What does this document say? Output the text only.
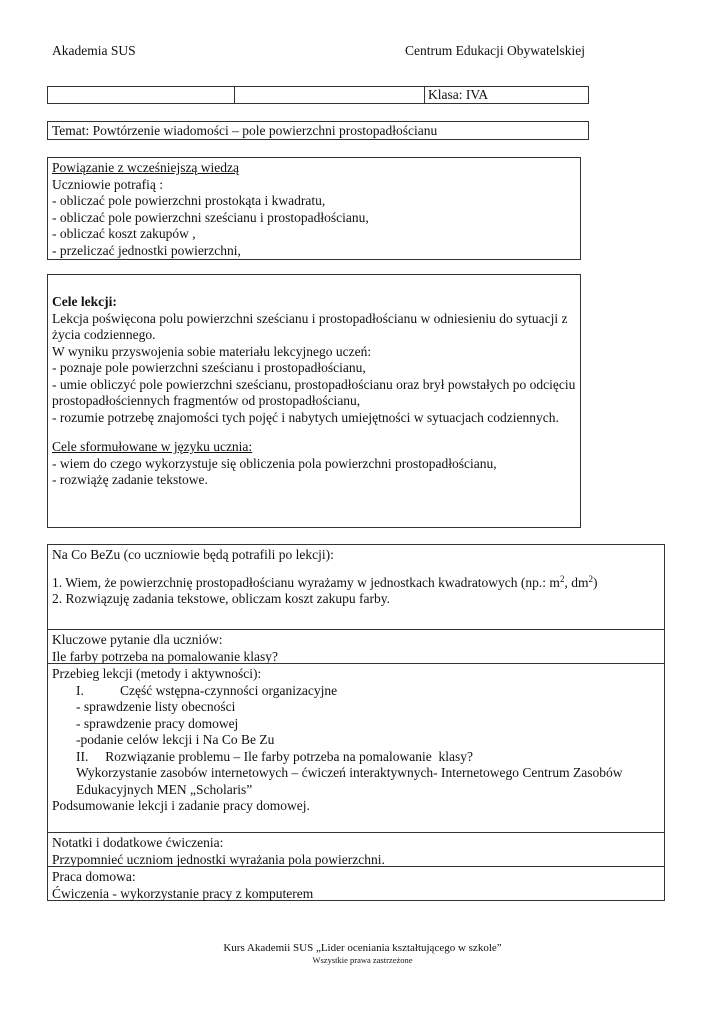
Akademia SUS	Centrum Edukacji Obywatelskiej
Klasa: IVA
Temat: Powtórzenie wiadomości – pole powierzchni prostopadłościanu
Powiązanie z wcześniejszą wiedzą
Uczniowie potrafią :
- obliczać pole powierzchni prostokąta i kwadratu,
- obliczać pole powierzchni sześcianu i prostopadłościanu,
- obliczać koszt zakupów ,
- przeliczać jednostki powierzchni,
Cele lekcji:
Lekcja poświęcona polu powierzchni sześcianu i prostopadłościanu w odniesieniu do sytuacji z życia codziennego.
W wyniku przyswojenia sobie materiału lekcyjnego uczeń:
- poznaje pole powierzchni sześcianu i prostopadłościanu,
- umie obliczyć pole powierzchni sześcianu, prostopadłościanu oraz brył powstałych po odcięciu prostopadłościennych fragmentów od prostopadłościanu,
- rozumie potrzebę znajomości tych pojęć i nabytych umiejętności w sytuacjach codziennych.
Cele sformułowane w języku ucznia:
- wiem do czego wykorzystuje się obliczenia pola powierzchni prostopadłościanu,
- rozwiążę zadanie tekstowe.
Na Co BeZu (co uczniowie będą potrafili po lekcji):
1. Wiem, że powierzchnię prostopadłościanu wyrażamy w jednostkach kwadratowych (np.: $m^2$, $dm^2$)
2. Rozwiązuję zadania tekstowe, obliczam koszt zakupu farby.
Kluczowe pytanie dla uczniów:
Ile farby potrzeba na pomalowanie klasy?
Przebieg lekcji (metody i aktywności):
I.	Część wstępna-czynności organizacyjne
- sprawdzenie listy obecności
- sprawdzenie pracy domowej
-podanie celów lekcji i Na Co Be Zu
II.     Rozwiązanie problemu – Ile farby potrzeba na pomalowanie  klasy?
Wykorzystanie zasobów internetowych – ćwiczeń interaktywnych- Internetowego Centrum Zasobów Edukacyjnych MEN „Scholaris”
Podsumowanie lekcji i zadanie pracy domowej.
Notatki i dodatkowe ćwiczenia:
Przypomnieć uczniom jednostki wyrażania pola powierzchni.
Praca domowa:
Ćwiczenia - wykorzystanie pracy z komputerem
Kurs Akademii SUS „Lider oceniania kształtującego w szkole”
Wszystkie prawa zastrzeżone
